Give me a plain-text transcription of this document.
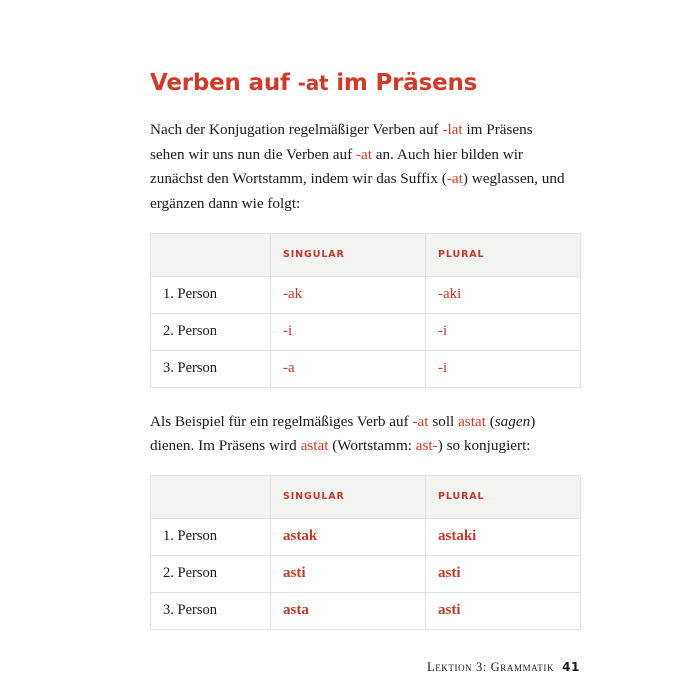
Verben auf -at im Präsens

Nach der Konjugation regelmäßiger Verben auf -lat im Präsens sehen wir uns nun die Verben auf -at an. Auch hier bilden wir zunächst den Wortstamm, indem wir das Suffix (-at) weglassen, und ergänzen dann wie folgt:

	SINGULAR	PLURAL
1. Person	-ak	-aki
2. Person	-i	-i
3. Person	-a	-i

Als Beispiel für ein regelmäßiges Verb auf -at soll astat (sagen) dienen. Im Präsens wird astat (Wortstamm: ast-) so konjugiert:

	SINGULAR	PLURAL
1. Person	astak	astaki
2. Person	asti	asti
3. Person	asta	asti
Lektion 3: Grammatik 41
